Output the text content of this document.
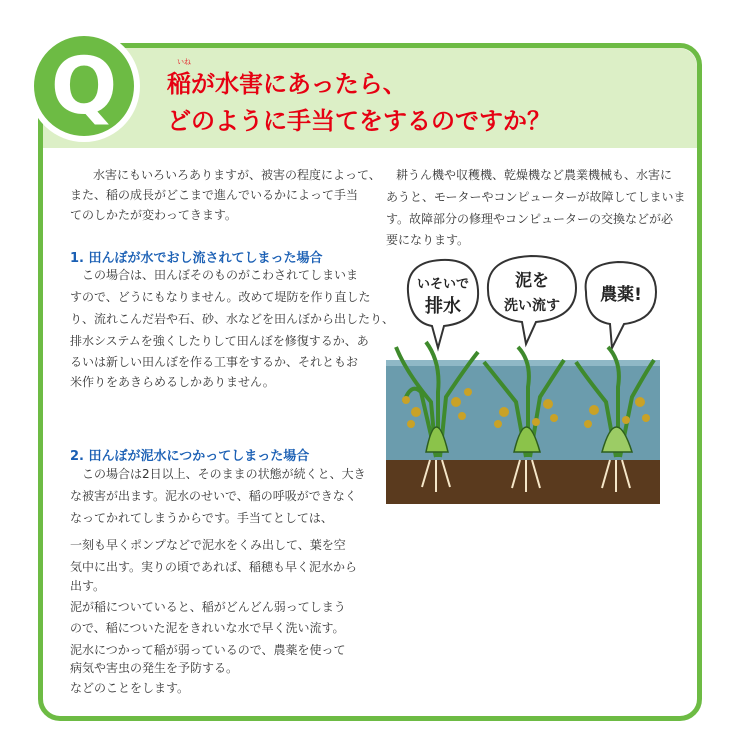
Q	いね
稲が水害にあったら、
どのように手当てをするのですか？
水害にもいろいろありますが、被害の程度によって、
また、稲の成長がどこまで進んでいるかによって手当
てのしかたが変わってきます。
1. 田んぼが水でおし流されてしまった場合
この場合は、田んぼそのものがこわされてしまいま
すので、どうにもなりません。改めて堤防を作り直した
り、流れこんだ岩や石、砂、水などを田んぼから出したり、
排水システムを強くしたりして田んぼを修復するか、あ
るいは新しい田んぼを作る工事をするか、それともお
米作りをあきらめるしかありません。
2. 田んぼが泥水につかってしまった場合
この場合は2日以上、そのままの状態が続くと、大き
な被害が出ます。泥水のせいで、稲の呼吸ができなく
なってかれてしまうからです。手当てとしては、
一刻も早くポンプなどで泥水をくみ出して、葉を空
気中に出す。実りの頃であれば、稲穂も早く泥水から
出す。
泥が稲についていると、稲がどんどん弱ってしまう
ので、稲についた泥をきれいな水で早く洗い流す。
泥水につかって稲が弱っているので、農薬を使って
病気や害虫の発生を予防する。
などのことをします。
耕うん機や収穫機、乾燥機など農業機械も、水害に
あうと、モーターやコンピューターが故障してしまいま
す。故障部分の修理やコンピューターの交換などが必
要になります。
いそいで
排水
泥を
洗い流す
農薬!
